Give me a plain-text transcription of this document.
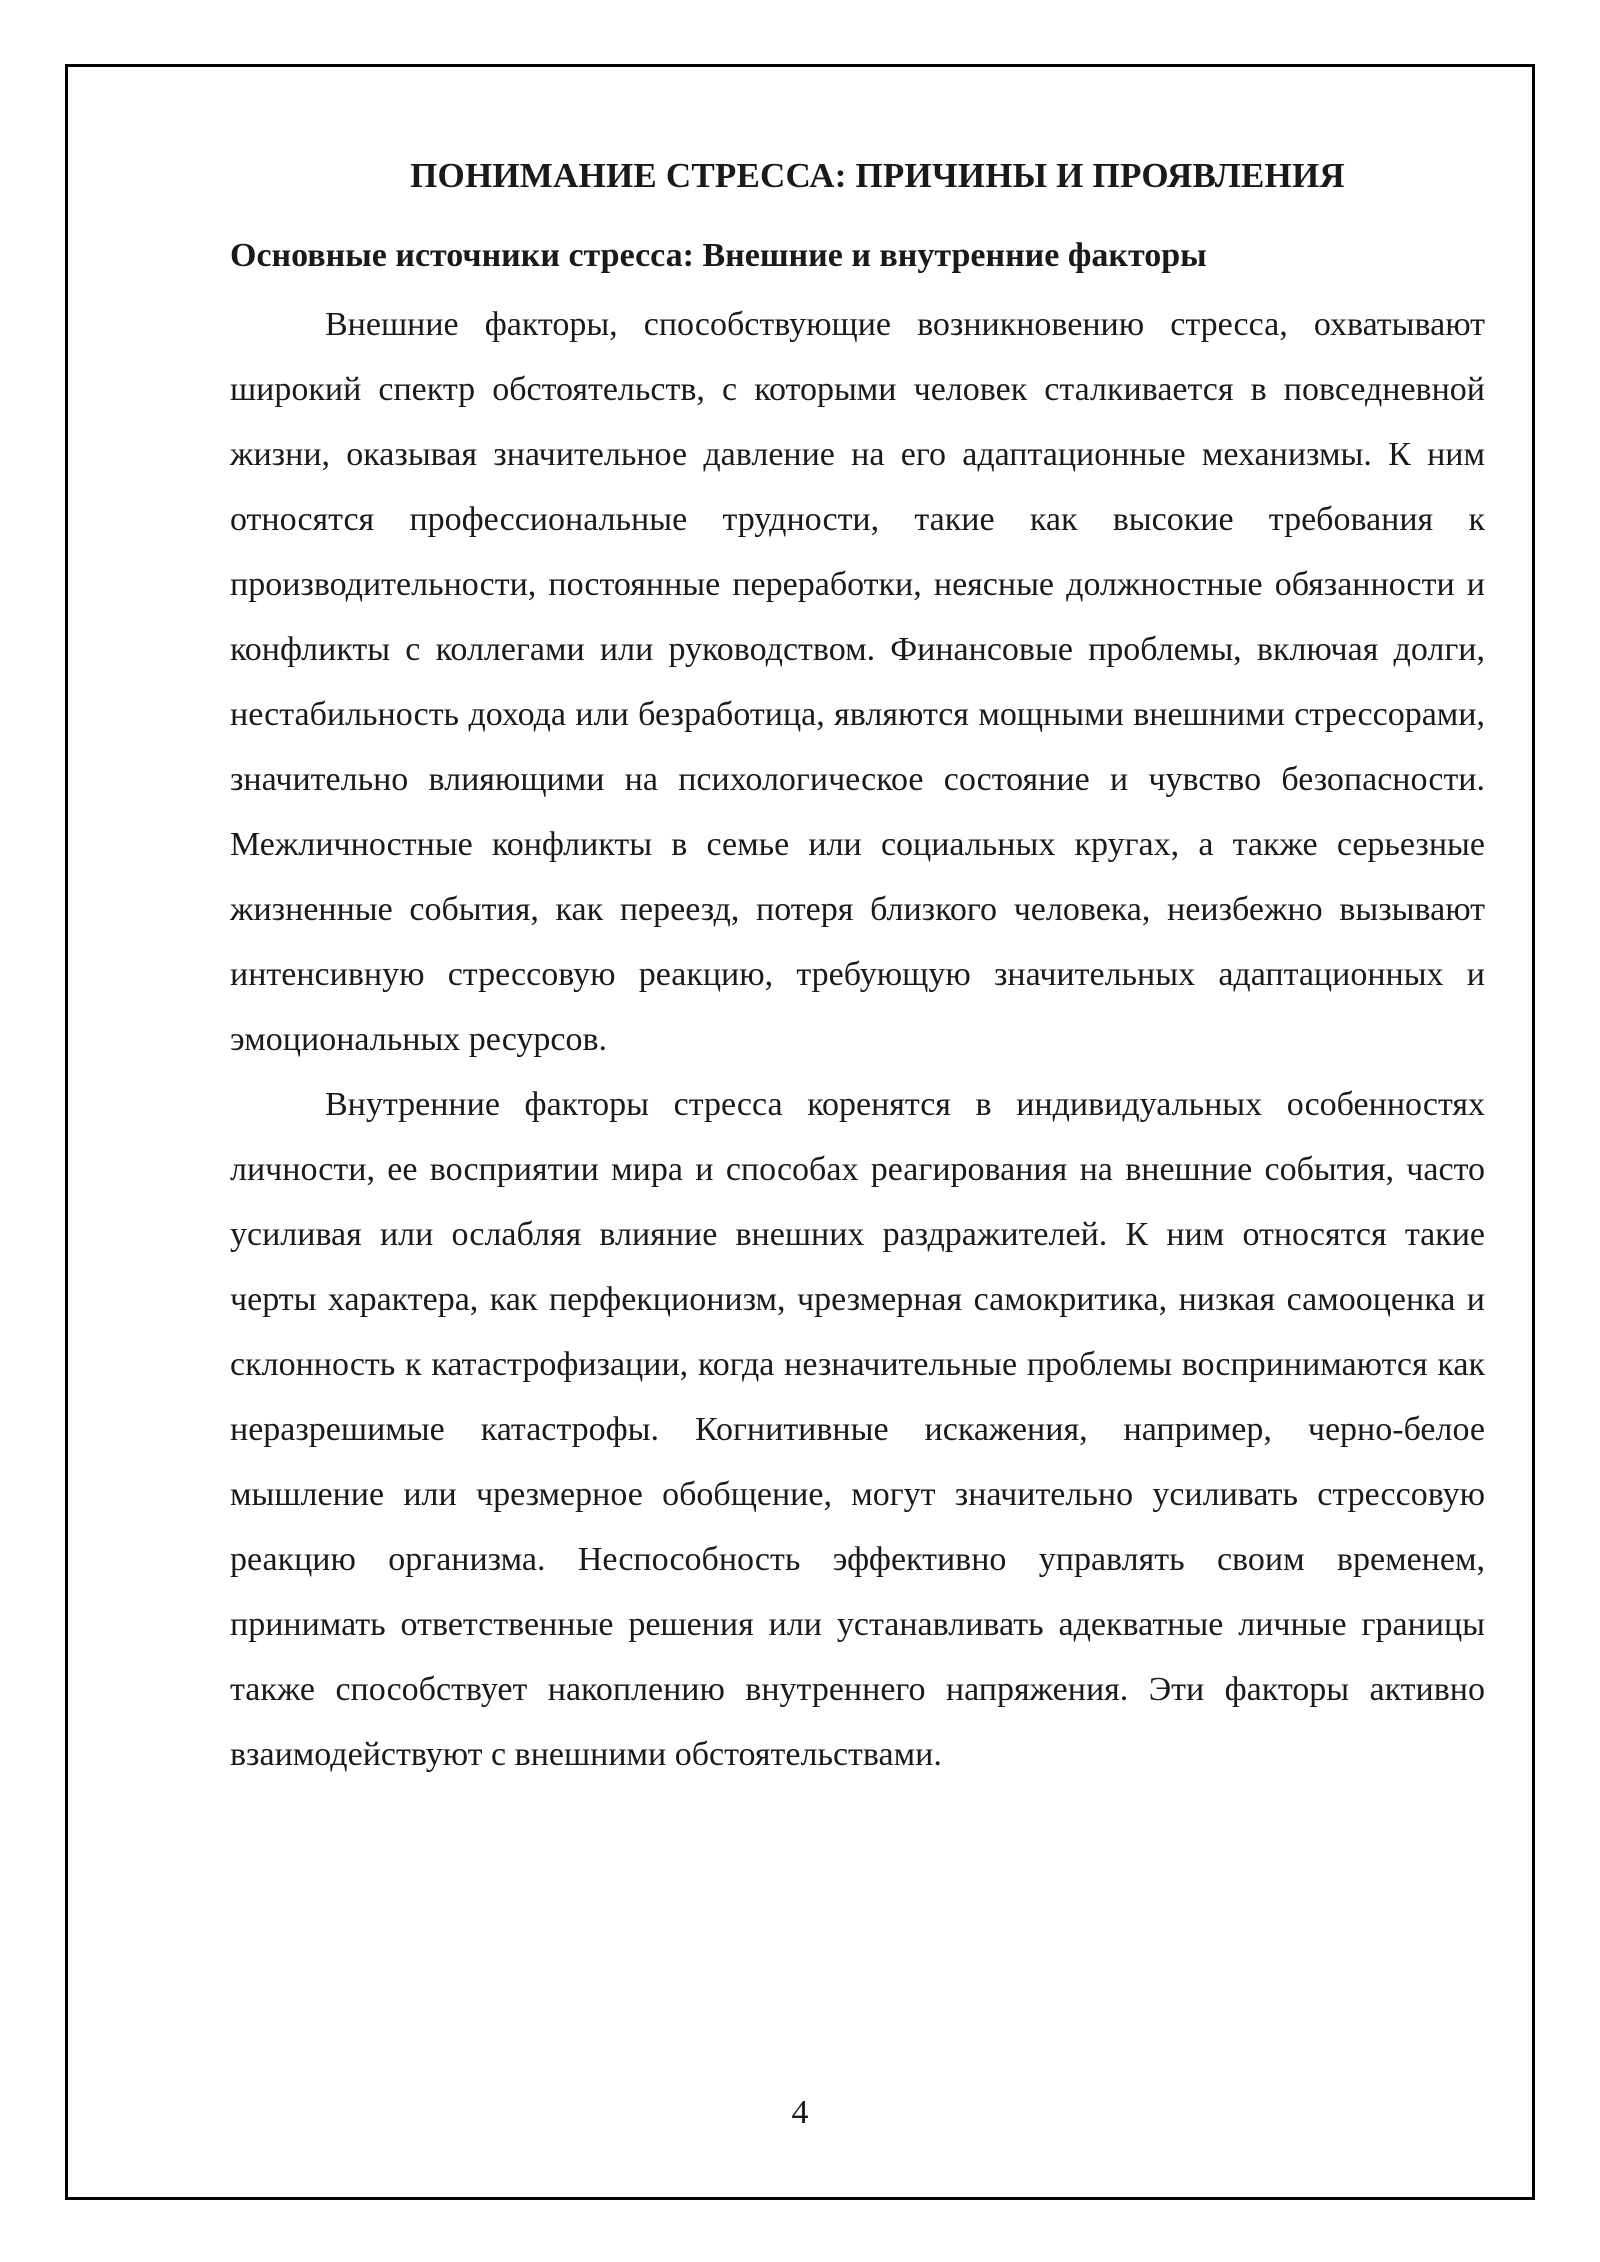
ПОНИМАНИЕ СТРЕССА: ПРИЧИНЫ И ПРОЯВЛЕНИЯ
Основные источники стресса: Внешние и внутренние факторы

Внешние факторы, способствующие возникновению стресса, охватывают широкий спектр обстоятельств, с которыми человек сталкивается в повседневной жизни, оказывая значительное давление на его адаптационные механизмы. К ним относятся профессиональные трудности, такие как высокие требования к производительности, постоянные переработки, неясные должностные обязанности и конфликты с коллегами или руководством. Финансовые проблемы, включая долги, нестабильность дохода или безработица, являются мощными внешними стрессорами, значительно влияющими на психологическое состояние и чувство безопасности. Межличностные конфликты в семье или социальных кругах, а также серьезные жизненные события, как переезд, потеря близкого человека, неизбежно вызывают интенсивную стрессовую реакцию, требующую значительных адаптационных и эмоциональных ресурсов.

Внутренние факторы стресса коренятся в индивидуальных особенностях личности, ее восприятии мира и способах реагирования на внешние события, часто усиливая или ослабляя влияние внешних раздражителей. К ним относятся такие черты характера, как перфекционизм, чрезмерная самокритика, низкая самооценка и склонность к катастрофизации, когда незначительные проблемы воспринимаются как неразрешимые катастрофы. Когнитивные искажения, например, черно-белое мышление или чрезмерное обобщение, могут значительно усиливать стрессовую реакцию организма. Неспособность эффективно управлять своим временем, принимать ответственные решения или устанавливать адекватные личные границы также способствует накоплению внутреннего напряжения. Эти факторы активно взаимодействуют с внешними обстоятельствами.

4
